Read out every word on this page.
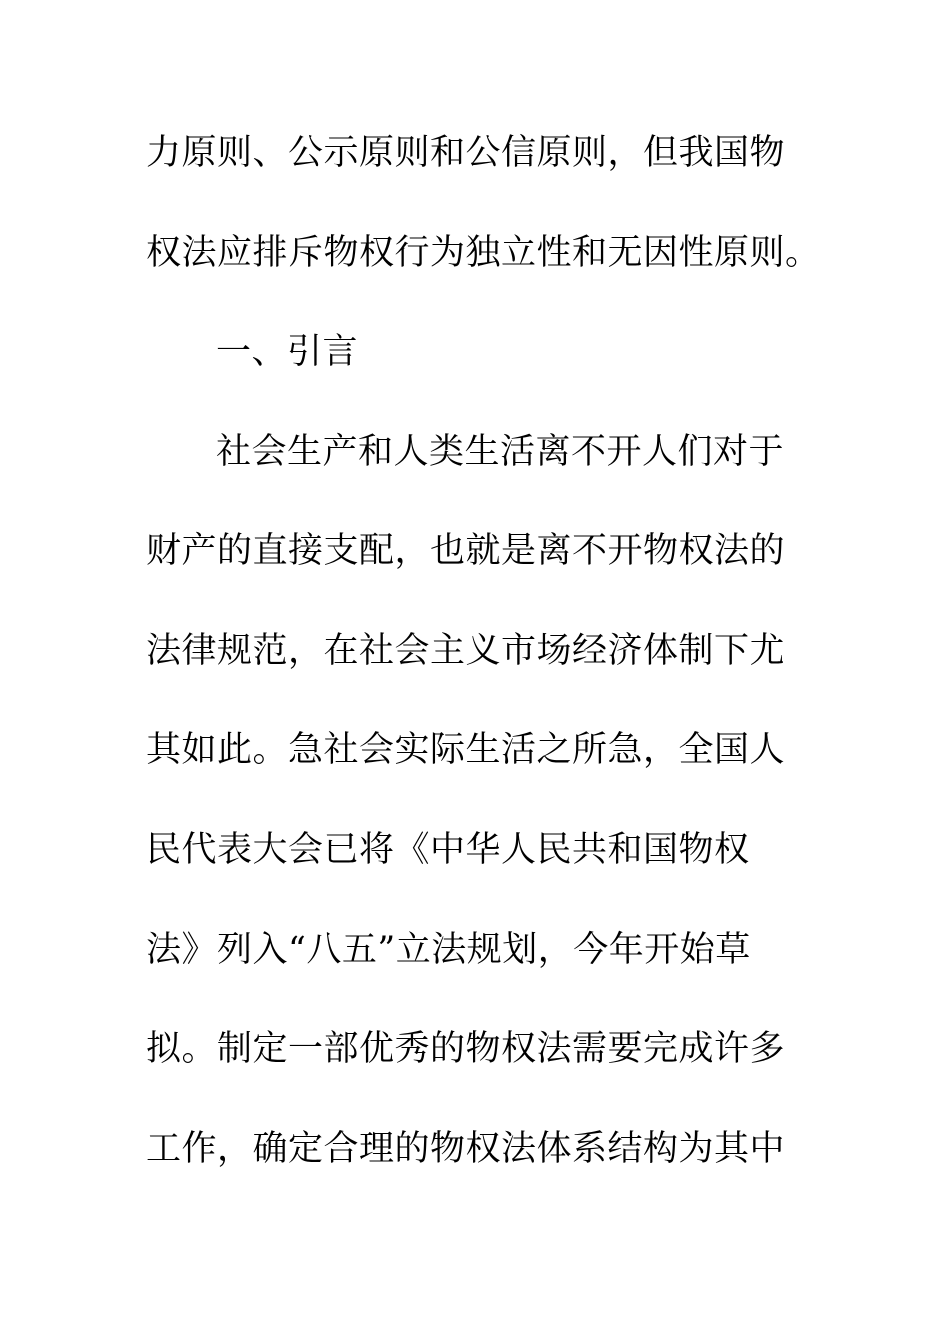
力原则、公示原则和公信原则，但我国物
权法应排斥物权行为独立性和无因性原则。
一、引言
社会生产和人类生活离不开人们对于
财产的直接支配，也就是离不开物权法的
法律规范，在社会主义市场经济体制下尤
其如此。急社会实际生活之所急，全国人
民代表大会已将《中华人民共和国物权
法》列入“八五”立法规划，今年开始草
拟。制定一部优秀的物权法需要完成许多
工作，确定合理的物权法体系结构为其中
